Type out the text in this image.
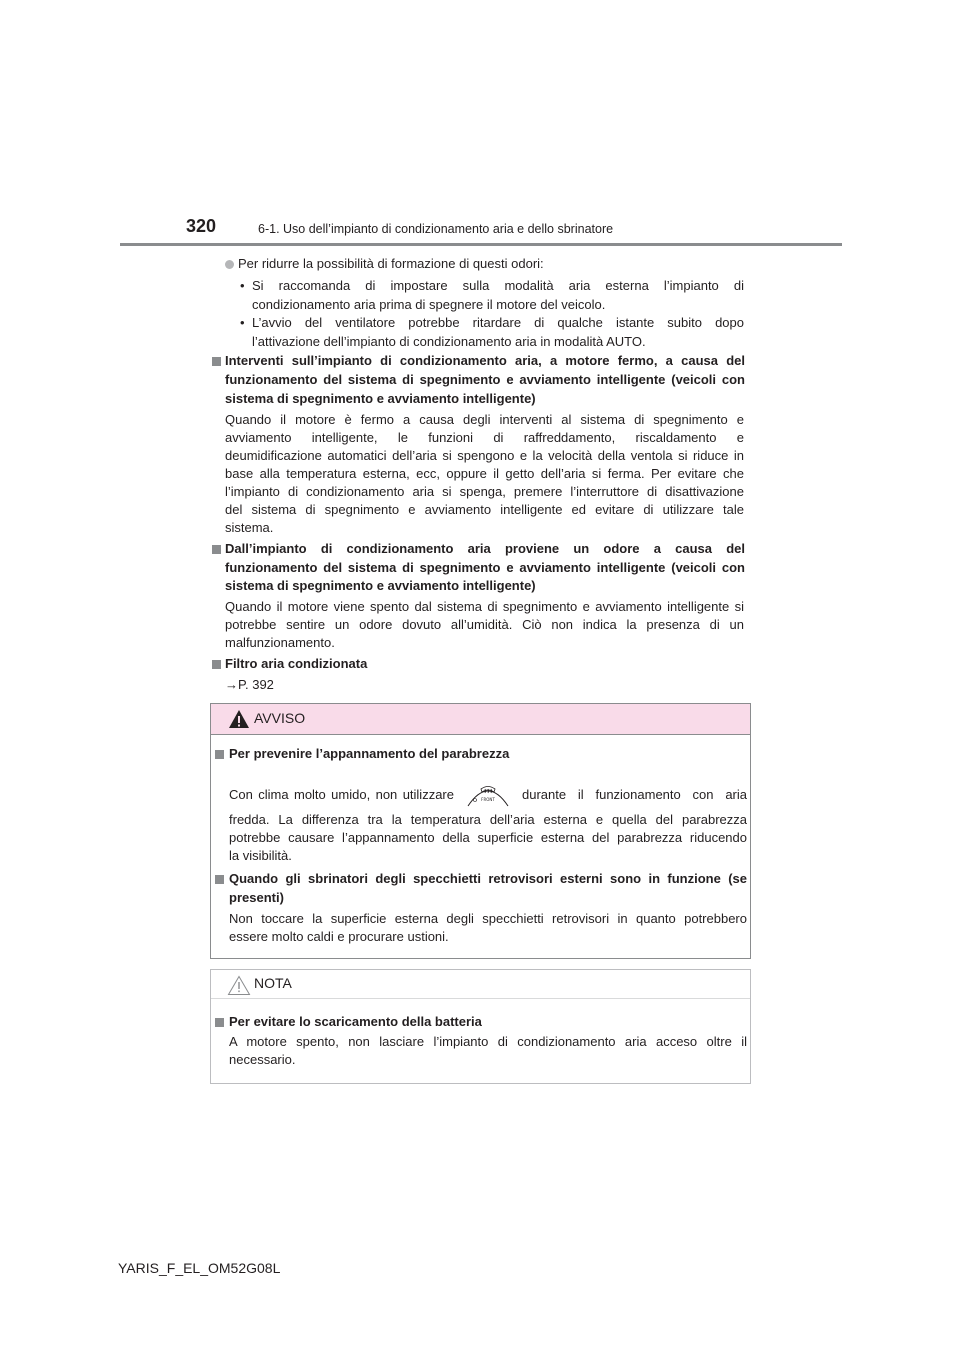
320	6-1. Uso dell’impianto di condizionamento aria e dello sbrinatore
Per ridurre la possibilità di formazione di questi odori:
• Si raccomanda di impostare sulla modalità aria esterna l’impianto di
condizionamento aria prima di spegnere il motore del veicolo.
• L’avvio del ventilatore potrebbe ritardare di qualche istante subito dopo
l’attivazione dell’impianto di condizionamento aria in modalità AUTO.
Interventi sull’impianto di condizionamento aria, a motore fermo, a causa del
funzionamento del sistema di spegnimento e avviamento intelligente (veicoli con
sistema di spegnimento e avviamento intelligente)
Quando il motore è fermo a causa degli interventi al sistema di spegnimento e
avviamento intelligente, le funzioni di raffreddamento, riscaldamento e
deumidificazione automatici dell’aria si spengono e la velocità della ventola si riduce in
base alla temperatura esterna, ecc, oppure il getto dell’aria si ferma. Per evitare che
l’impianto di condizionamento aria si spenga, premere l’interruttore di disattivazione
del sistema di spegnimento e avviamento intelligente ed evitare di utilizzare tale
sistema.
Dall’impianto di condizionamento aria proviene un odore a causa del
funzionamento del sistema di spegnimento e avviamento intelligente (veicoli con
sistema di spegnimento e avviamento intelligente)
Quando il motore viene spento dal sistema di spegnimento e avviamento intelligente si
potrebbe sentire un odore dovuto all’umidità. Ciò non indica la presenza di un
malfunzionamento.
Filtro aria condizionata
→P. 392
AVVISO
Per prevenire l’appannamento del parabrezza
Con clima molto umido, non utilizzare	FRONT durante il funzionamento con aria
fredda. La differenza tra la temperatura dell’aria esterna e quella del parabrezza
potrebbe causare l’appannamento della superficie esterna del parabrezza riducendo
la visibilità.
Quando gli sbrinatori degli specchietti retrovisori esterni sono in funzione (se
presenti)
Non toccare la superficie esterna degli specchietti retrovisori in quanto potrebbero
essere molto caldi e procurare ustioni.
NOTA
Per evitare lo scaricamento della batteria
A motore spento, non lasciare l’impianto di condizionamento aria acceso oltre il
necessario.
YARIS_F_EL_OM52G08L
